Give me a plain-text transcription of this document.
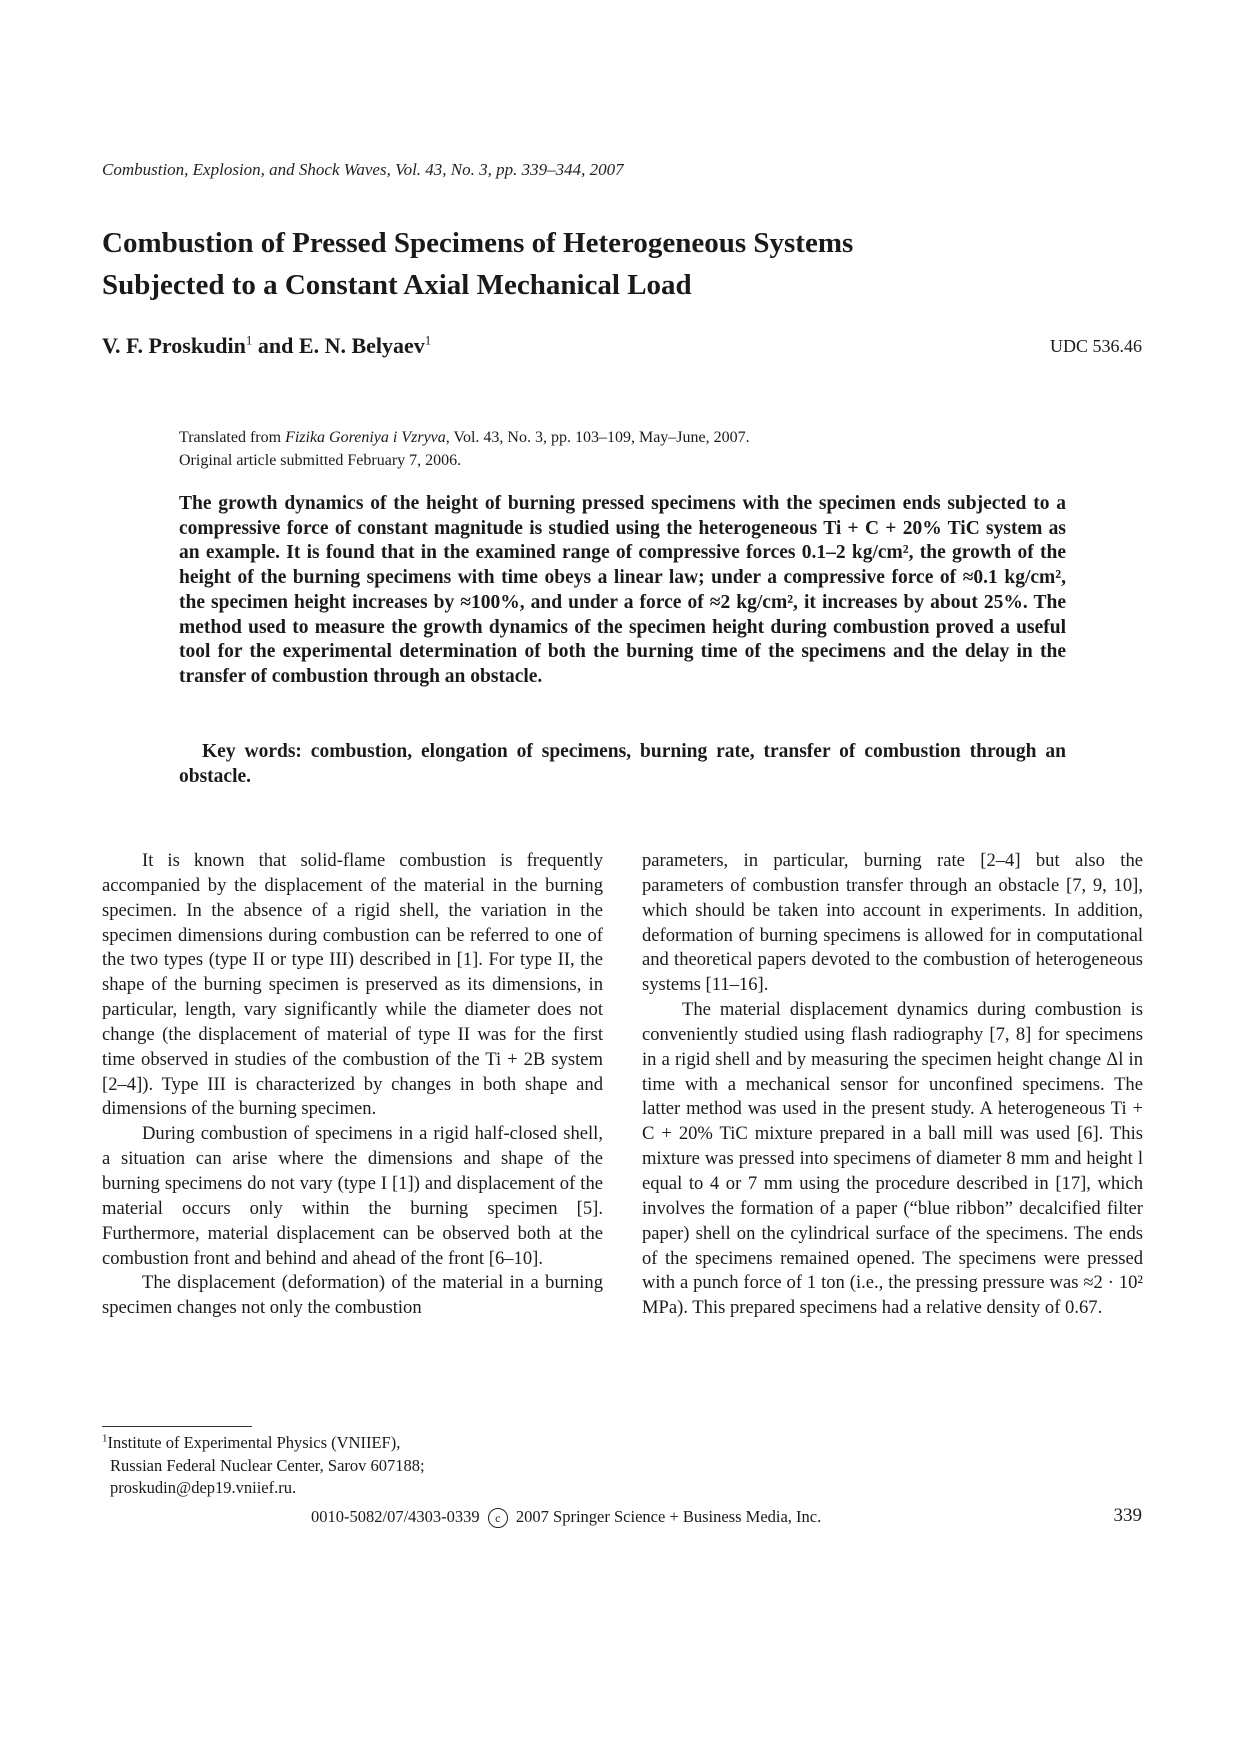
Combustion, Explosion, and Shock Waves, Vol. 43, No. 3, pp. 339–344, 2007
Combustion of Pressed Specimens of Heterogeneous Systems
Subjected to a Constant Axial Mechanical Load
V. F. Proskudin$^1$ and E. N. Belyaev$^1$	UDC 536.46
Translated from Fizika Goreniya i Vzryva, Vol. 43, No. 3, pp. 103–109, May–June, 2007.
Original article submitted February 7, 2006.
The growth dynamics of the height of burning pressed specimens with the specimen ends subjected to a compressive force of constant magnitude is studied using the heterogeneous Ti + C + 20% TiC system as an example. It is found that in the examined range of compressive forces 0.1–2 kg/cm², the growth of the height of the burning specimens with time obeys a linear law; under a compressive force of ≈0.1 kg/cm², the specimen height increases by ≈100%, and under a force of ≈2 kg/cm², it increases by about 25%. The method used to measure the growth dynamics of the specimen height during combustion proved a useful tool for the experimental determination of both the burning time of the specimens and the delay in the transfer of combustion through an obstacle.
Key words: combustion, elongation of specimens, burning rate, transfer of combustion through an obstacle.

It is known that solid-flame combustion is frequently accompanied by the displacement of the material in the burning specimen. In the absence of a rigid shell, the variation in the specimen dimensions during combustion can be referred to one of the two types (type II or type III) described in [1]. For type II, the shape of the burning specimen is preserved as its dimensions, in particular, length, vary significantly while the diameter does not change (the displacement of material of type II was for the first time observed in studies of the combustion of the Ti + 2B system [2–4]). Type III is characterized by changes in both shape and dimensions of the burning specimen.

During combustion of specimens in a rigid half-closed shell, a situation can arise where the dimensions and shape of the burning specimens do not vary (type I [1]) and displacement of the material occurs only within the burning specimen [5]. Furthermore, material displacement can be observed both at the combustion front and behind and ahead of the front [6–10].

The displacement (deformation) of the material in a burning specimen changes not only the combustion

parameters, in particular, burning rate [2–4] but also the parameters of combustion transfer through an obstacle [7, 9, 10], which should be taken into account in experiments. In addition, deformation of burning specimens is allowed for in computational and theoretical papers devoted to the combustion of heterogeneous systems [11–16].

The material displacement dynamics during combustion is conveniently studied using flash radiography [7, 8] for specimens in a rigid shell and by measuring the specimen height change Δl in time with a mechanical sensor for unconfined specimens. The latter method was used in the present study. A heterogeneous Ti + C + 20% TiC mixture prepared in a ball mill was used [6]. This mixture was pressed into specimens of diameter 8 mm and height l equal to 4 or 7 mm using the procedure described in [17], which involves the formation of a paper (“blue ribbon” decalcified filter paper) shell on the cylindrical surface of the specimens. The ends of the specimens remained opened. The specimens were pressed with a punch force of 1 ton (i.e., the pressing pressure was ≈2 · 10² MPa). This prepared specimens had a relative density of 0.67.

$^1$Institute of Experimental Physics (VNIIEF),
Russian Federal Nuclear Center, Sarov 607188;
proskudin@dep19.vniief.ru.
0010-5082/07/4303-0339 c 2007 Springer Science + Business Media, Inc.	339
